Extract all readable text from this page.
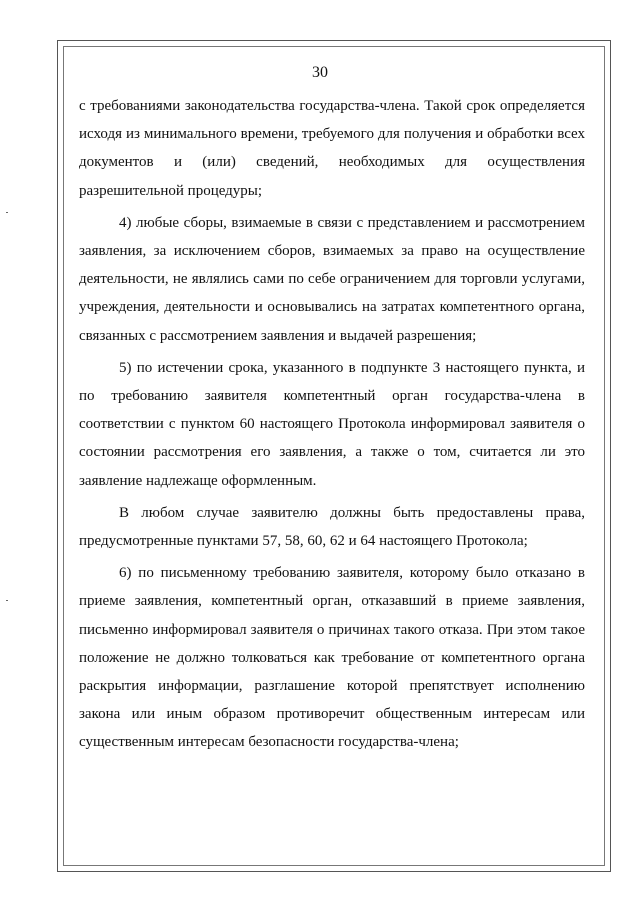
30

с требованиями законодательства государства-члена. Такой срок определяется исходя из минимального времени, требуемого для получения и обработки всех документов и (или) сведений, необходимых для осуществления разрешительной процедуры;

4) любые сборы, взимаемые в связи с представлением и рассмотрением заявления, за исключением сборов, взимаемых за право на осуществление деятельности, не являлись сами по себе ограничением для торговли услугами, учреждения, деятельности и основывались на затратах компетентного органа, связанных с рассмотрением заявления и выдачей разрешения;

5) по истечении срока, указанного в подпункте 3 настоящего пункта, и по требованию заявителя компетентный орган государства-члена в соответствии с пунктом 60 настоящего Протокола информировал заявителя о состоянии рассмотрения его заявления, а также о том, считается ли это заявление надлежаще оформленным.

В любом случае заявителю должны быть предоставлены права, предусмотренные пунктами 57, 58, 60, 62 и 64 настоящего Протокола;

6) по письменному требованию заявителя, которому было отказано в приеме заявления, компетентный орган, отказавший в приеме заявления, письменно информировал заявителя о причинах такого отказа. При этом такое положение не должно толковаться как требование от компетентного органа раскрытия информации, разглашение которой препятствует исполнению закона или иным образом противоречит общественным интересам или существенным интересам безопасности государства-члена;
